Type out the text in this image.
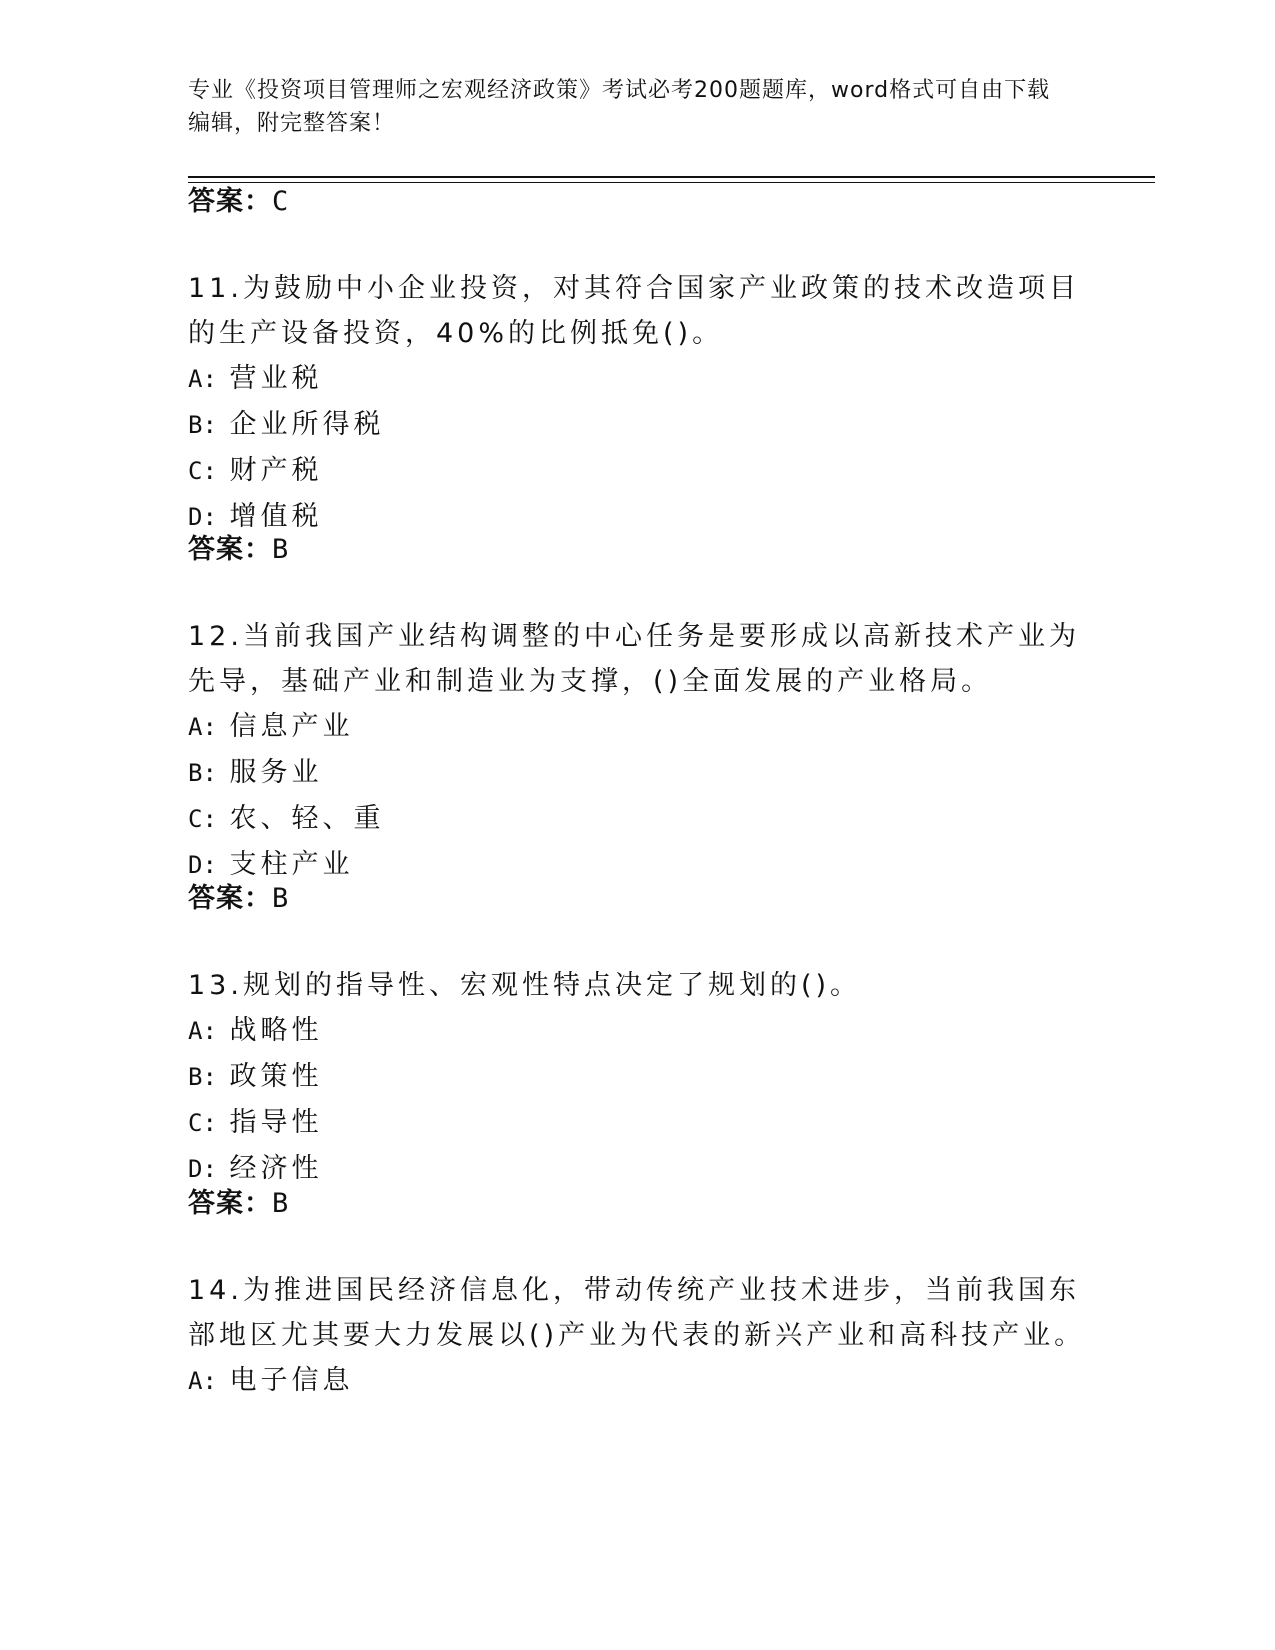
专业《投资项目管理师之宏观经济政策》考试必考200题题库，word格式可自由下载编辑，附完整答案！
答案：C

11.为鼓励中小企业投资，对其符合国家产业政策的技术改造项目的生产设备投资，40%的比例抵免()。

A: 营业税

B: 企业所得税

C: 财产税

D: 增值税

答案：B

12.当前我国产业结构调整的中心任务是要形成以高新技术产业为先导，基础产业和制造业为支撑，()全面发展的产业格局。

A: 信息产业

B: 服务业

C: 农、轻、重

D: 支柱产业

答案：B

13.规划的指导性、宏观性特点决定了规划的()。

A: 战略性

B: 政策性

C: 指导性

D: 经济性

答案：B

14.为推进国民经济信息化，带动传统产业技术进步，当前我国东部地区尤其要大力发展以()产业为代表的新兴产业和高科技产业。

A: 电子信息
